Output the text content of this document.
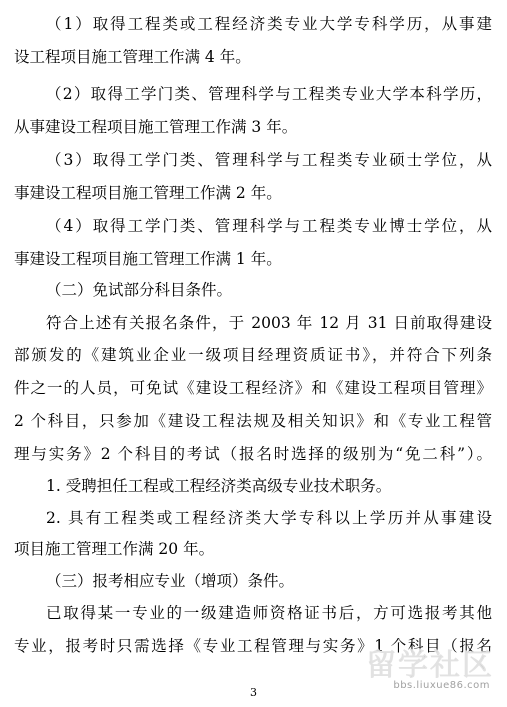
（1）取得工程类或工程经济类专业大学专科学历，从事建
设工程项目施工管理工作满 4 年。
（2）取得工学门类、管理科学与工程类专业大学本科学历，
从事建设工程项目施工管理工作满 3 年。
（3）取得工学门类、管理科学与工程类专业硕士学位，从
事建设工程项目施工管理工作满 2 年。
（4）取得工学门类、管理科学与工程类专业博士学位，从
事建设工程项目施工管理工作满 1 年。
（二）免试部分科目条件。
符合上述有关报名条件，于 2003 年 12 月 31 日前取得建设
部颁发的《建筑业企业一级项目经理资质证书》，并符合下列条
件之一的人员，可免试《建设工程经济》和《建设工程项目管理》
2 个科目，只参加《建设工程法规及相关知识》和《专业工程管
理与实务》2 个科目的考试（报名时选择的级别为“免二科”）。
1. 受聘担任工程或工程经济类高级专业技术职务。
2. 具有工程类或工程经济类大学专科以上学历并从事建设
项目施工管理工作满 20 年。
（三）报考相应专业（增项）条件。
已取得某一专业的一级建造师资格证书后，方可选报考其他
专业，报考时只需选择《专业工程管理与实务》1 个科目（报名
留学社区
bbs.liuxue86.com
3
